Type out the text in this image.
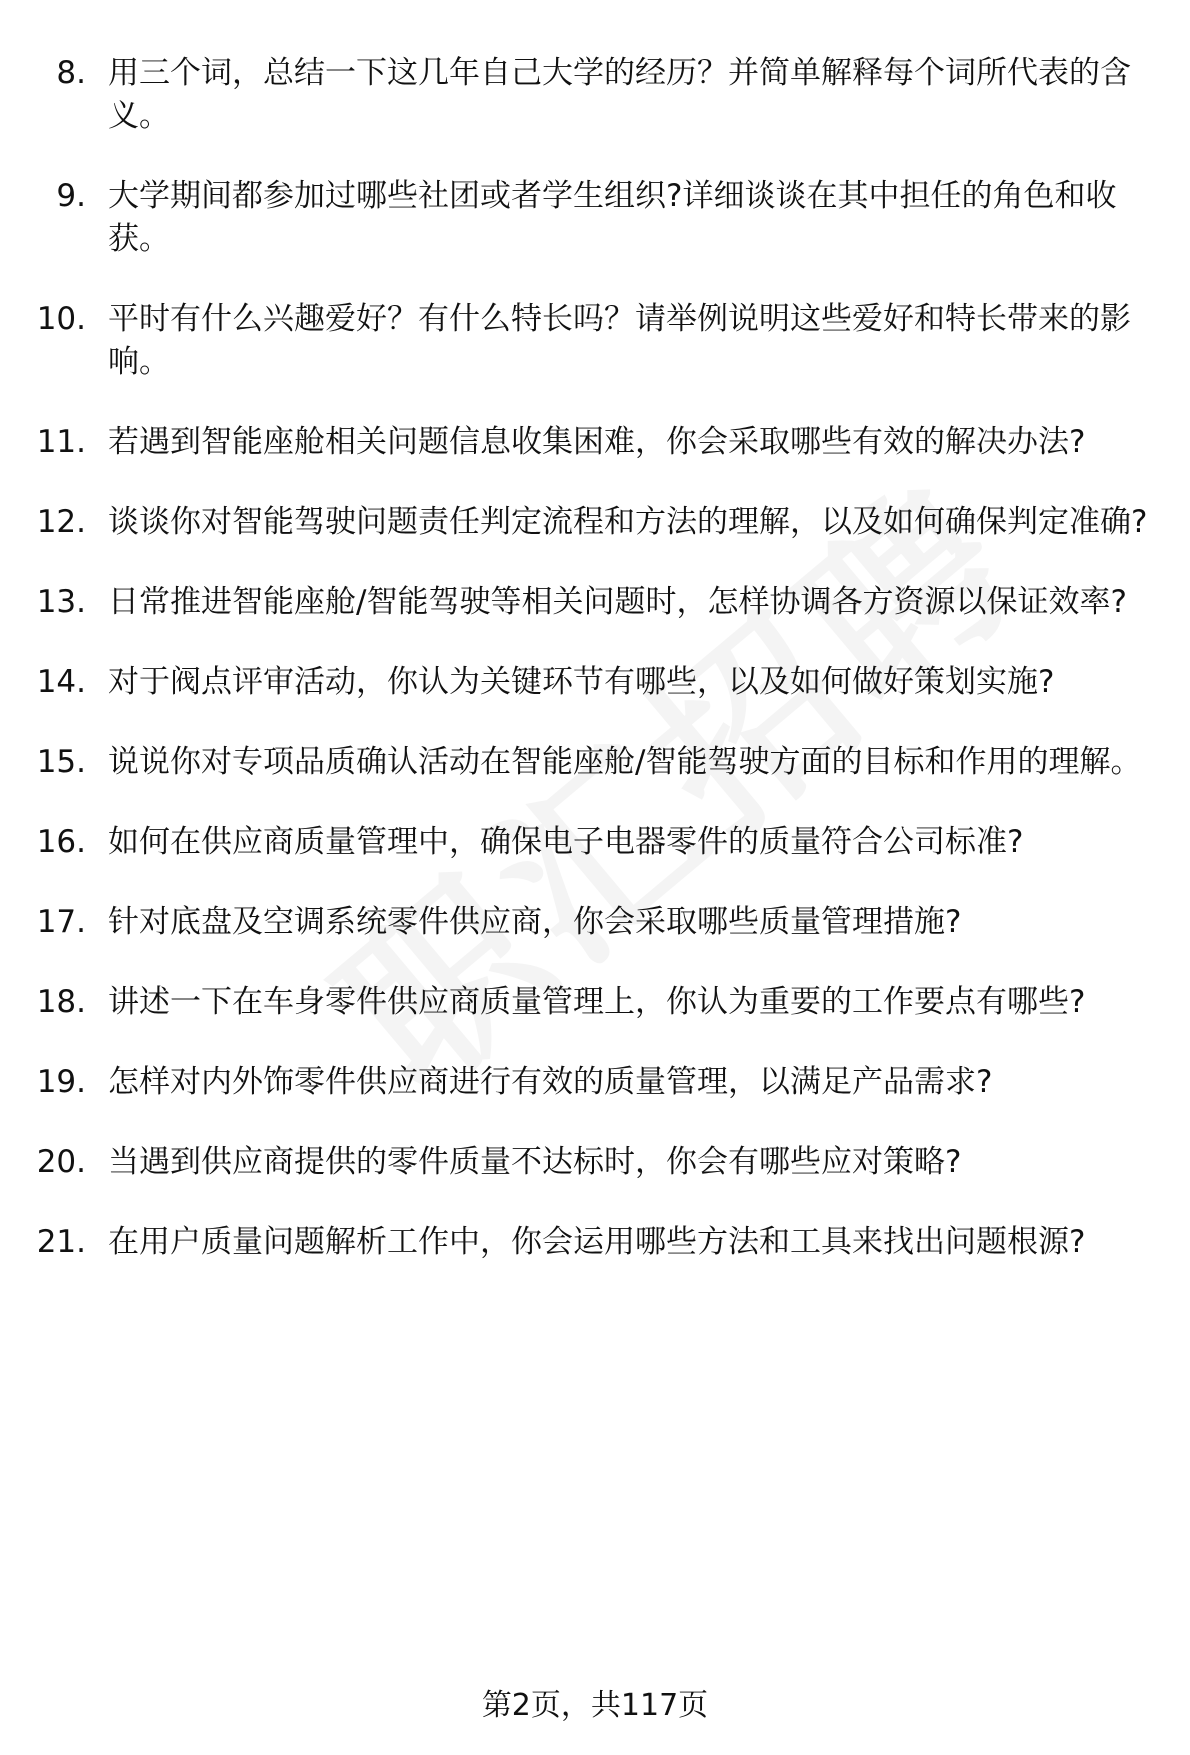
8. 用三个词，总结一下这几年自己大学的经历？并简单解释每个词所代表的含义。
9. 大学期间都参加过哪些社团或者学生组织?详细谈谈在其中担任的角色和收获。
10. 平时有什么兴趣爱好？有什么特长吗？请举例说明这些爱好和特长带来的影响。
11. 若遇到智能座舱相关问题信息收集困难，你会采取哪些有效的解决办法?
12. 谈谈你对智能驾驶问题责任判定流程和方法的理解，以及如何确保判定准确?
13. 日常推进智能座舱/智能驾驶等相关问题时，怎样协调各方资源以保证效率?
14. 对于阀点评审活动，你认为关键环节有哪些，以及如何做好策划实施?
15. 说说你对专项品质确认活动在智能座舱/智能驾驶方面的目标和作用的理解。
16. 如何在供应商质量管理中，确保电子电器零件的质量符合公司标准?
17. 针对底盘及空调系统零件供应商，你会采取哪些质量管理措施?
18. 讲述一下在车身零件供应商质量管理上，你认为重要的工作要点有哪些?
19. 怎样对内外饰零件供应商进行有效的质量管理，以满足产品需求?
20. 当遇到供应商提供的零件质量不达标时，你会有哪些应对策略?
21. 在用户质量问题解析工作中，你会运用哪些方法和工具来找出问题根源?
第2页，共117页
